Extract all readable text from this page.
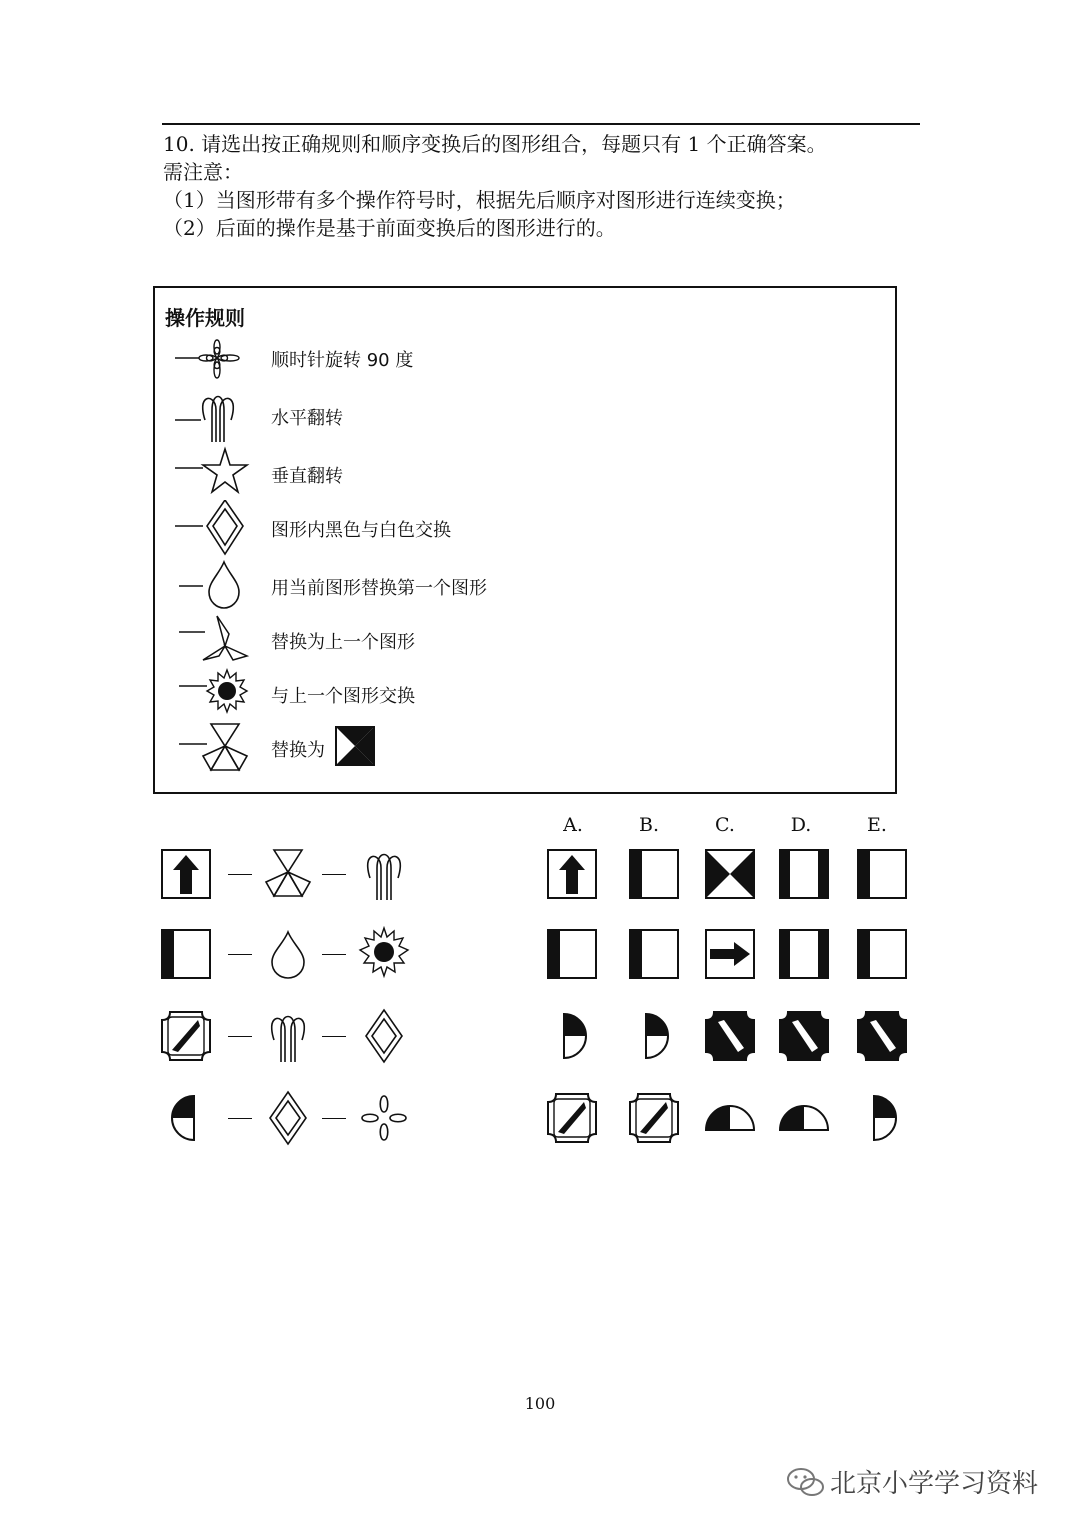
10. 请选出按正确规则和顺序变换后的图形组合，每题只有 1 个正确答案。
需注意：
（1）当图形带有多个操作符号时，根据先后顺序对图形进行连续变换；
（2）后面的操作是基于前面变换后的图形进行的。
操作规则
顺时针旋转 90 度
水平翻转
垂直翻转
图形内黑色与白色交换
用当前图形替换第一个图形
替换为上一个图形
与上一个图形交换
替换为
A.	B.	C.	D.	E.
100
北京小学学习资料
